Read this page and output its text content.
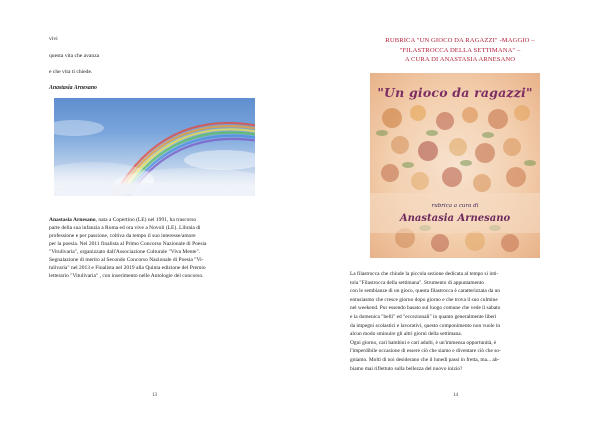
vivi
questa vita che avanza
e che vita ti chiede.
Anastasia Arnesano
Anastasia Arnesano, nata a Copertino (LE) nel 1991, ha trascorso
parte della sua infanzia a Roma ed ora vive a Novoli (LE). Libraia di
professione e per passione, coltiva da tempo il suo interesse/amore
per la poesia. Nel 2011 finalista al Primo Concorso Nazionale di Poesia
"Vitulivaria", organizzato dall'Associazione Culturale "Viva Mente".
Segnalazione di merito al Secondo Concorso Nazionale di Poesia "Vi-
tulivaria" nel 2013 e Finalista nel 2019 alla Quinta edizione del Premio
letterario "Vitulivaria" , con inserimento nelle Antologie del concorso.
13
RUBRICA "UN GIOCO DA RAGAZZI" -MAGGIO –
"FILASTROCCA DELLA SETTIMANA" –
A CURA DI ANASTASIA ARNESANO
"Un gioco da ragazzi"
rubrica a cura di
Anastasia Arnesano
La filastrocca che chiude la piccola sezione dedicata al tempo si inti-
tola "Filastrocca della settimana". Strumento di appuntamento
con le sembianze di un gioco, questa filastrocca è caratterizzata da un
entusiasmo che cresce giorno dopo giorno e che trova il suo culmine
nel weekend. Pur essendo basato sul luogo comune che vede il sabato
e la domenica "belli" ed "eccezionali" in quanto generalmente liberi
da impegni scolastici e lavorativi, questo componimento non vuole in
alcun modo sminuire gli altri giorni della settimana.
Ogni giorno, cari bambini e cari adulti, è un'immensa opportunità, è
l'imperdibile occasione di essere ciò che siamo e diventare ciò che so-
gniamo. Molti di noi desiderano che il lunedì passi in fretta, ma... ab-
biamo mai riflettuto sulla bellezza del nuovo inizio?
14
